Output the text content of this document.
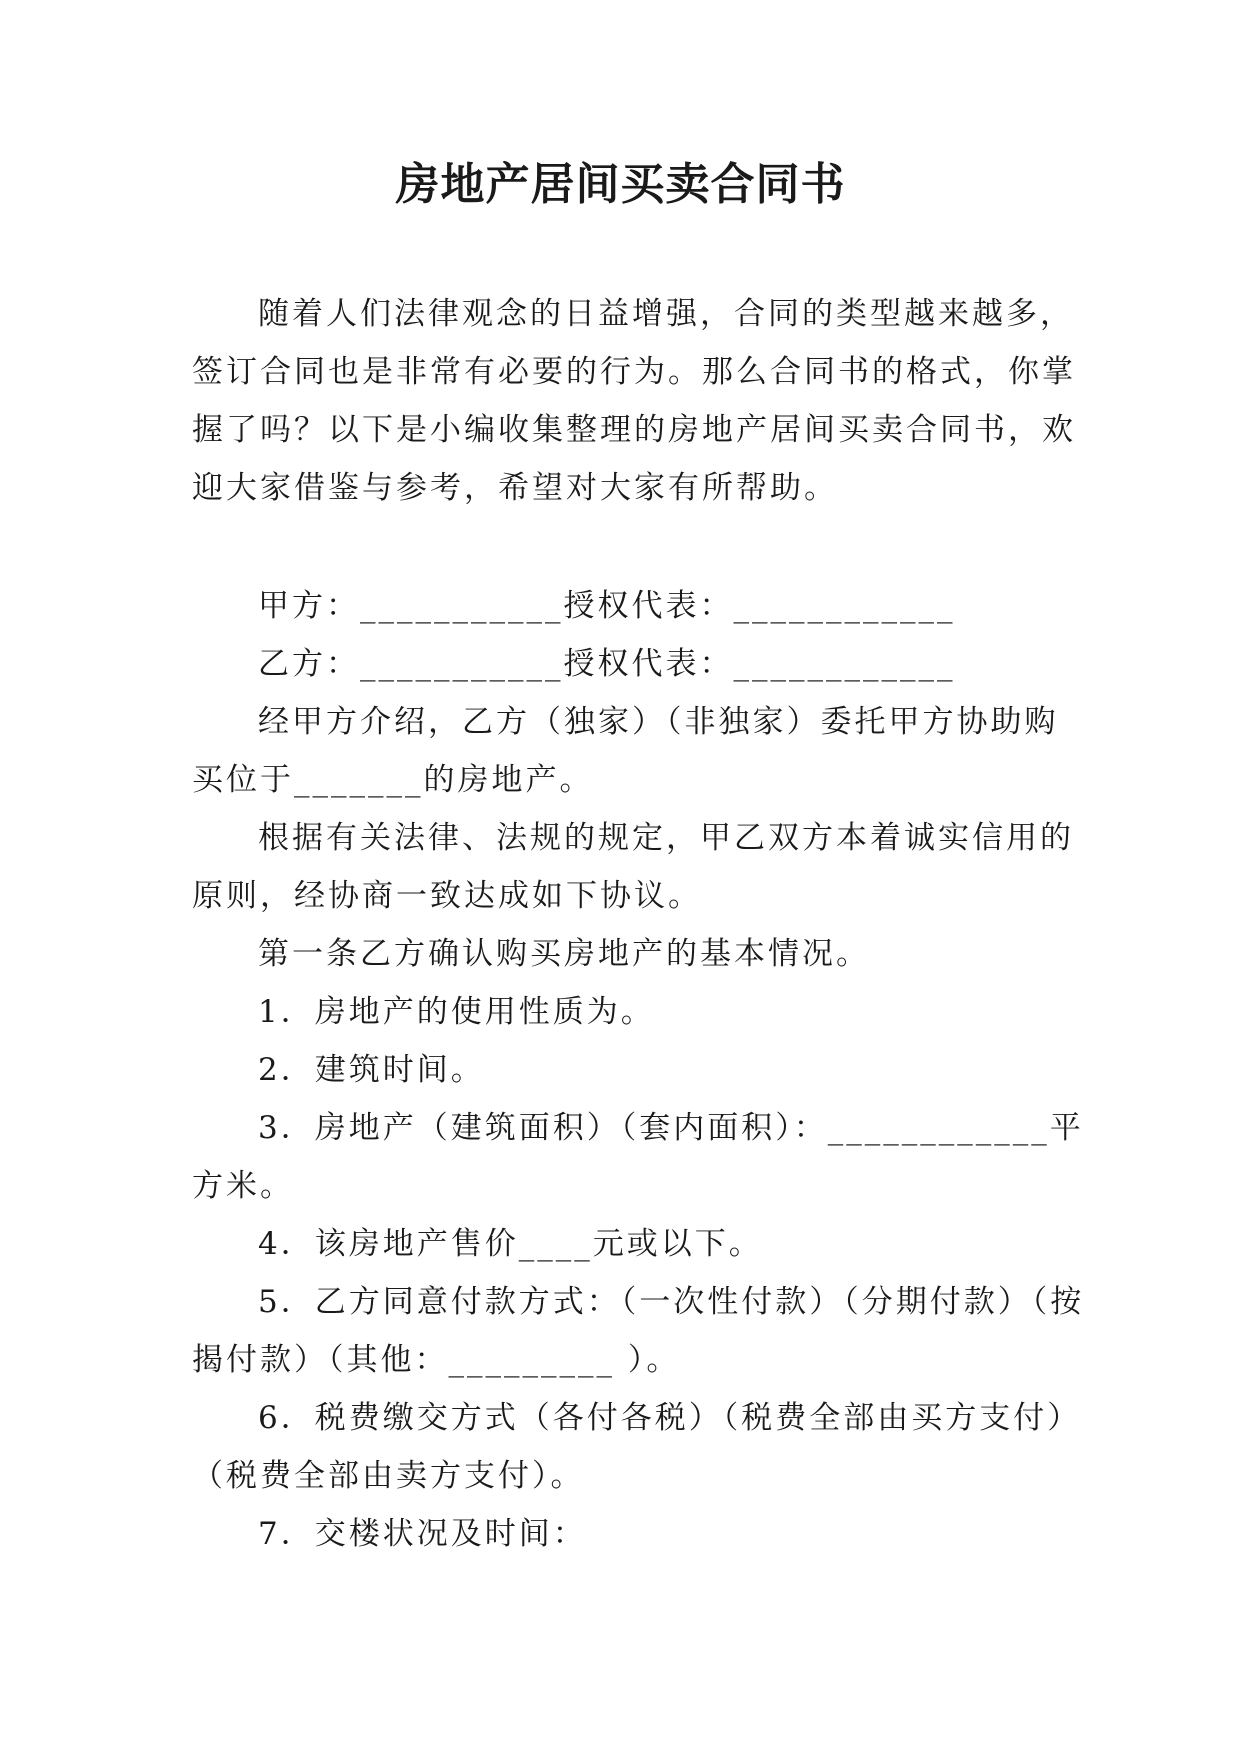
房地产居间买卖合同书
随着人们法律观念的日益增强，合同的类型越来越多，
签订合同也是非常有必要的行为。那么合同书的格式，你掌
握了吗？以下是小编收集整理的房地产居间买卖合同书，欢
迎大家借鉴与参考，希望对大家有所帮助。
甲方：___________授权代表：____________
乙方：___________授权代表：____________
经甲方介绍，乙方（独家）（非独家）委托甲方协助购
买位于_______的房地产。
根据有关法律、法规的规定，甲乙双方本着诚实信用的
原则，经协商一致达成如下协议。
第一条乙方确认购买房地产的基本情况。
1．房地产的使用性质为。
2．建筑时间。
3．房地产（建筑面积）（套内面积）：____________平
方米。
4．该房地产售价____元或以下。
5．乙方同意付款方式：（一次性付款）（分期付款）（按
揭付款）（其他：_________ ）。
6．税费缴交方式（各付各税）（税费全部由买方支付）
（税费全部由卖方支付）。
7．交楼状况及时间：
